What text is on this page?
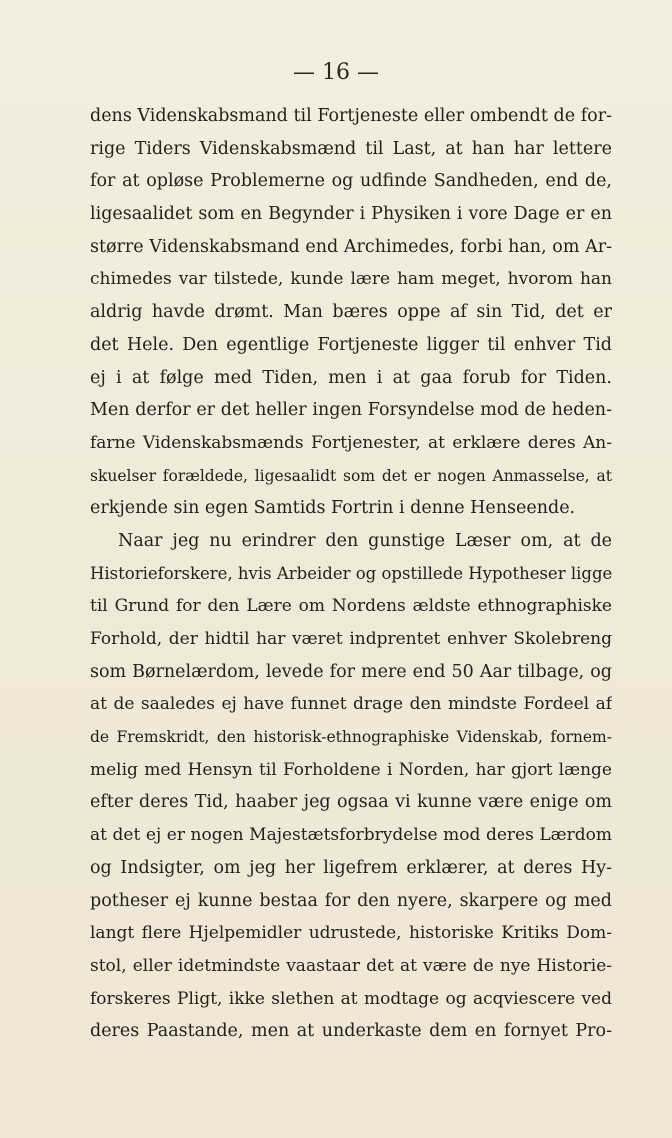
— 16 —
dens Videnskabsmand til Fortjeneste eller ombendt de for-
rige Tiders Videnskabsmænd til Last, at han har lettere
for at opløse Problemerne og udfinde Sandheden, end de,
ligesaalidet som en Begynder i Physiken i vore Dage er en
større Videnskabsmand end Archimedes, forbi han, om Ar-
chimedes var tilstede, kunde lære ham meget, hvorom han
aldrig havde drømt. Man bæres oppe af sin Tid, det er
det Hele. Den egentlige Fortjeneste ligger til enhver Tid
ej i at følge med Tiden, men i at gaa forub for Tiden.
Men derfor er det heller ingen Forsyndelse mod de heden-
farne Videnskabsmænds Fortjenester, at erklære deres An-
skuelser forældede, ligesaalidt som det er nogen Anmasselse, at
erkjende sin egen Samtids Fortrin i denne Henseende.
Naar jeg nu erindrer den gunstige Læser om, at de
Historieforskere, hvis Arbeider og opstillede Hypotheser ligge
til Grund for den Lære om Nordens ældste ethnographiske
Forhold, der hidtil har været indprentet enhver Skolebreng
som Børnelærdom, levede for mere end 50 Aar tilbage, og
at de saaledes ej have funnet drage den mindste Fordeel af
de Fremskridt, den historisk-ethnographiske Videnskab, fornem-
melig med Hensyn til Forholdene i Norden, har gjort længe
efter deres Tid, haaber jeg ogsaa vi kunne være enige om
at det ej er nogen Majestætsforbrydelse mod deres Lærdom
og Indsigter, om jeg her ligefrem erklærer, at deres Hy-
potheser ej kunne bestaa for den nyere, skarpere og med
langt flere Hjelpemidler udrustede, historiske Kritiks Dom-
stol, eller idetmindste vaastaar det at være de nye Historie-
forskeres Pligt, ikke slethen at modtage og acqviescere ved
deres Paastande, men at underkaste dem en fornyet Pro-
